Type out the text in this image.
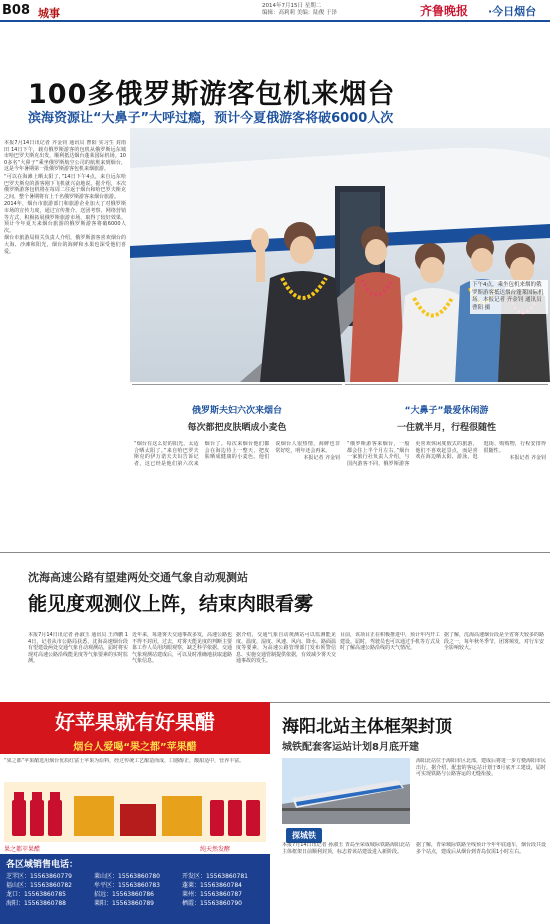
B08 城事
2014年7月15日 星期二
编辑：高莉莉 美编：陆俊 于泽	齐鲁晚报 ·今日烟台
100多俄罗斯游客包机来烟台
滨海资源让“大鼻子”大呼过瘾，预计今夏俄游客将破6000人次

本报7月14日讯记者 齐金钊 通讯员 曹阳 实习生 封雨田 14日下午，载有俄罗斯游客的包机从俄罗斯远东城市哈巴罗夫斯克出发，顺利抵达烟台蓬莱国际机场。100多名“大鼻子”乘坐俄罗斯航空公司的航班来到烟台，这是今年暑期第一批俄罗斯游客包机来烟旅游。

“可以在海滩上晒太阳了，”14日下午4点，来自远东哈巴罗夫斯克的游客刚下飞机就兴奋地说。据介绍，本次俄罗斯游客包机将在每周二往返于烟台和哈巴罗夫斯克之间，整个暑期将有上千名俄罗斯游客来烟台旅游。

2014年，烟台市旅游部门和旅游企业加大了对俄罗斯市场的宣传力度，通过宣传推介、送团考察、网络营销等方式，积极拓展俄罗斯旅游市场，取得了较好效果。预计今年夏天来烟台旅游的俄罗斯游客将破6000人次。

烟台市旅游局相关负责人介绍，俄罗斯游客喜欢烟台的大海、沙滩和阳光，烟台的海鲜和水果也深受他们喜爱。

下午4点，乘坐包机来烟的俄罗斯游客抵达烟台蓬莱国际机场。本报记者 齐金钊 通讯员 曹阳 摄
俄罗斯夫妇六次来烟台
每次都把皮肤晒成小麦色

“烟台有这么好的阳光，太适合晒太阳了。”来自哈巴罗夫斯克的伊万诺夫夫妇告诉记者，这已经是他们第六次来烟台了。每次来烟台他们都会在海边待上一整天，把皮肤晒成健康的小麦色。他们说烟台人很热情，海鲜也非常好吃，明年还会再来。

本报记者 齐金钊

“大鼻子”最爱休闲游
一住就半月，行程很随性

“俄罗斯游客来烟台，一般都会住上半个月左右。”烟台一家旅行社负责人介绍，与国内游客不同，俄罗斯游客更喜欢休闲度假式的旅游，他们不喜欢赶景点，而是喜欢在海边晒太阳、游泳，逛逛街、购购物，行程安排得很随性。

本报记者 齐金钊

沈海高速公路有望建两处交通气象自动观测站
能见度观测仪上阵，结束肉眼看雾
本报7月14日讯记者 孙淑玉 通讯员 王西鹏 14日，记者从市公路局获悉，沈海高速烟台段有望建设两处交通气象自动观测站，届时将实现对高速公路沿线能见度等气象要素的实时监测。
近年来，每逢雾天交通事故多发，高速公路也不得不封闭。过去，对雾天能见度的判断主要靠工作人员用肉眼观察，缺乏科学依据。交通气象观测站建成后，可以及时准确地获取道路气象信息。
据介绍，交通气象自动观测站可以监测能见度、温度、湿度、风速、风向、降水、路面温度等要素，为高速公路管理部门发布预警信息、实施交通管制提供依据，有效减少雾天交通事故的发生。
目前，该项目正在积极推进中，预计年内开工建设。届时，驾驶员也可以通过手机等方式及时了解高速公路沿线的天气情况。
据了解，沈海高速烟台段是全省雾天较多的路段之一，每年秋冬季节，团雾频发，对行车安全影响较大。
好苹果就有好果醋
烟台人爱喝“果之都”苹果醋
“果之都”苹果醋选用烟台优质红富士苹果为原料，经过传统工艺酿造而成，口感醇正，酸甜适中，营养丰富。
果之都苹果醋	纯天然发酵
各区域销售电话：
芝罘区：15563860779	莱山区：15563860780	开发区：15563860781
福山区：15563860782	牟平区：15563860783	蓬莱：15563860784
龙口：15563860785	招远：15563860786	莱州：15563860787
海阳：15563860788	莱阳：15563860789	栖霞：15563860790
海阳北站主体框架封顶
城铁配套客运站计划8月底开建
探城铁
本报7月14日讯记者 孙淑玉 青岛至荣成城际铁路海阳北站主体框架日前顺利封顶，标志着该站建设进入新阶段。
海阳北站位于海阳市区北部，建成后将进一步方便海阳市民出行。据介绍，配套的客运站计划于8月底开工建设，届时可实现铁路与公路客运的无缝衔接。
据了解，青荣城际铁路全线预计今年年底通车，烟台段共设多个站点，建成后从烟台到青岛仅需1小时左右。
